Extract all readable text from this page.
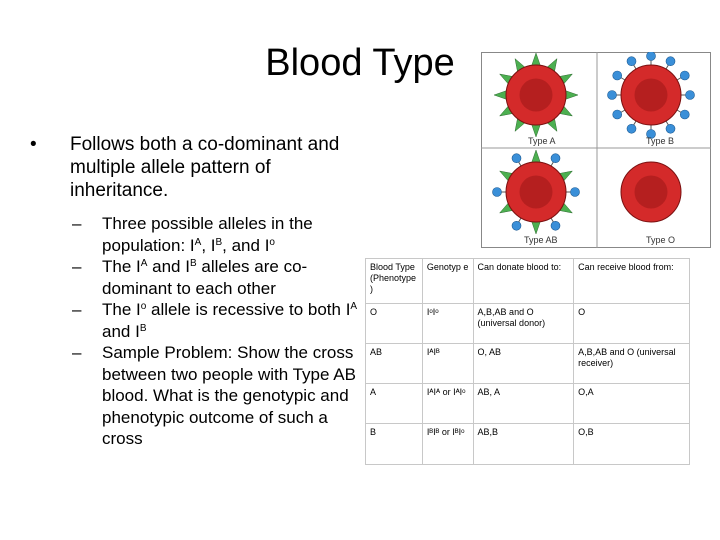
Blood Type
• Follows both a co-dominant and multiple allele pattern of inheritance.
– Three possible alleles in the population: $I^A$, $I^B$, and $I^o$
– The $I^A$ and $I^B$ alleles are co-dominant to each other
– The $I^o$ allele is recessive to both $I^A$ and $I^B$
– Sample Problem: Show the cross between two people with Type AB blood. What is the genotypic and phenotypic outcome of such a cross
Type A	Type B
Type AB	Type O
Blood Type (Phenotype )	Genotyp e	Can donate blood to:	Can receive blood from:
O	IᵒIᵒ	A,B,AB and O (universal donor)	O
AB	IᴬIᴮ	O, AB	A,B,AB and O (universal receiver)
A	IᴬIᴬ or IᴬIᵒ	AB, A	O,A
B	IᴮIᴮ or IᴮIᵒ	AB,B	O,B
